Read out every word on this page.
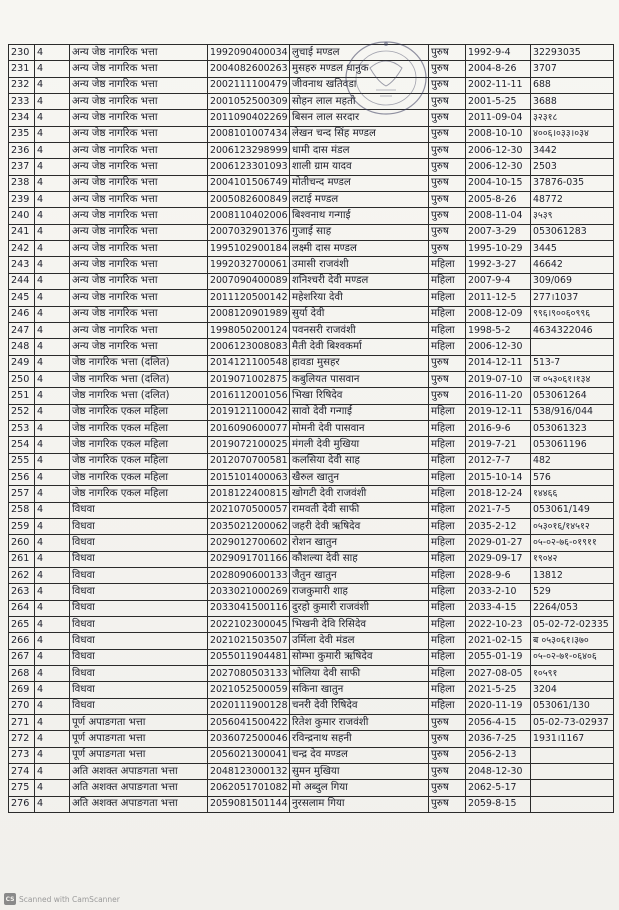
230	4	अन्य जेष्ठ नागरिक भत्ता	1992090400034	लुचाई मण्डल	पुरुष	1992-9-4	32293035
231	4	अन्य जेष्ठ नागरिक भत्ता	2004082600263	मुसहरु मण्डल धानुक	पुरुष	2004-8-26	3707
232	4	अन्य जेष्ठ नागरिक भत्ता	2002111100479	जीवनाथ खतिवडा	पुरुष	2002-11-11	688
233	4	अन्य जेष्ठ नागरिक भत्ता	2001052500309	सोहन लाल महतो	पुरुष	2001-5-25	3688
234	4	अन्य जेष्ठ नागरिक भत्ता	2011090402269	बिसन लाल सरदार	पुरुष	2011-09-04	३२३१८
235	4	अन्य जेष्ठ नागरिक भत्ता	2008101007434	लेखन चन्द सिंह मण्डल	पुरुष	2008-10-10	४००६।०३३।०३४
236	4	अन्य जेष्ठ नागरिक भत्ता	2006123298999	धामी दास मंडल	पुरुष	2006-12-30	3442
237	4	अन्य जेष्ठ नागरिक भत्ता	2006123301093	शाली ग्राम यादव	पुरुष	2006-12-30	2503
238	4	अन्य जेष्ठ नागरिक भत्ता	2004101506749	मोतीचन्द मण्डल	पुरुष	2004-10-15	37876-035
239	4	अन्य जेष्ठ नागरिक भत्ता	2005082600849	लटाई मण्डल	पुरुष	2005-8-26	48772
240	4	अन्य जेष्ठ नागरिक भत्ता	2008110402006	बिश्वनाथ गन्गाई	पुरुष	2008-11-04	३५३९
241	4	अन्य जेष्ठ नागरिक भत्ता	2007032901376	गुजाई साह	पुरुष	2007-3-29	053061283
242	4	अन्य जेष्ठ नागरिक भत्ता	1995102900184	लक्ष्मी दास मण्डल	पुरुष	1995-10-29	3445
243	4	अन्य जेष्ठ नागरिक भत्ता	1992032700061	उमासी राजवंशी	महिला	1992-3-27	46642
244	4	अन्य जेष्ठ नागरिक भत्ता	2007090400089	शनिश्चरी देवी मण्डल	महिला	2007-9-4	309/069
245	4	अन्य जेष्ठ नागरिक भत्ता	2011120500142	महेशरिया देवी	महिला	2011-12-5	277।1037
246	4	अन्य जेष्ठ नागरिक भत्ता	2008120901989	सुर्या देवी	महिला	2008-12-09	९९६।९००६०९९६
247	4	अन्य जेष्ठ नागरिक भत्ता	1998050200124	पवनसरी राजवंशी	महिला	1998-5-2	4634322046
248	4	अन्य जेष्ठ नागरिक भत्ता	2006123008083	मैती देवी बिश्वकर्मा	महिला	2006-12-30	
249	4	जेष्ठ नागरिक भत्ता (दलित)	2014121100548	हावडा मुसहर	पुरुष	2014-12-11	513-7
250	4	जेष्ठ नागरिक भत्ता (दलित)	2019071002875	कबुलियत पासवान	पुरुष	2019-07-10	ज ०५३०६१।१३४
251	4	जेष्ठ नागरिक भत्ता (दलित)	2016112001056	भिखा रिषिदेव	पुरुष	2016-11-20	053061264
252	4	जेष्ठ नागरिक एकल महिला	2019121100042	सावो देवी गन्गाई	महिला	2019-12-11	538/916/044
253	4	जेष्ठ नागरिक एकल महिला	2016090600077	मोमनी देवी पासवान	महिला	2016-9-6	053061323
254	4	जेष्ठ नागरिक एकल महिला	2019072100025	मंगली देवी मुखिया	महिला	2019-7-21	053061196
255	4	जेष्ठ नागरिक एकल महिला	2012070700581	कलसिया देवी साह	महिला	2012-7-7	482
256	4	जेष्ठ नागरिक एकल महिला	2015101400063	खैरुल खातुन	महिला	2015-10-14	576
257	4	जेष्ठ नागरिक एकल महिला	2018122400815	खोगटी देवी राजवंशी	महिला	2018-12-24	१४४६६
258	4	विधवा	2021070500057	रामवती देवी साफी	महिला	2021-7-5	053061/149
259	4	विधवा	2035021200062	जहरी देवी ऋषिदेव	महिला	2035-2-12	०५३०१६/१४५१२
260	4	विधवा	2029012700602	रोशन खातुन	महिला	2029-01-27	०५-०२-७६-०१९११
261	4	विधवा	2029091701166	कौशल्या देवी साह	महिला	2029-09-17	१९०४२
262	4	विधवा	2028090600133	जैतुन खातुन	महिला	2028-9-6	13812
263	4	विधवा	2033021000269	राजकुमारी शाह	महिला	2033-2-10	529
264	4	विधवा	2033041500116	दुरहो कुमारी राजवंशी	महिला	2033-4-15	2264/053
265	4	विधवा	2022102300045	भिखनी देवि रिसिदेव	महिला	2022-10-23	05-02-72-02335
266	4	विधवा	2021021503507	उर्मिला देवी मंडल	महिला	2021-02-15	ब ०५३०६१।३७०
267	4	विधवा	2055011904481	सोम्भा कुमारी ऋषिदेव	महिला	2055-01-19	०५-०२-७१-०६४०६
268	4	विधवा	2027080503133	भोलिया देवी साफी	महिला	2027-08-05	१०५९१
269	4	विधवा	2021052500059	सकिना खातुन	महिला	2021-5-25	3204
270	4	विधवा	2020111900128	चनरी देवी रिषिदेव	महिला	2020-11-19	053061/130
271	4	पूर्ण अपाङगता भत्ता	2056041500422	रितेश कुमार राजवंशी	पुरुष	2056-4-15	05-02-73-02937
272	4	पूर्ण अपाङगता भत्ता	2036072500046	रविन्द्रनाथ सहनी	पुरुष	2036-7-25	1931।1167
273	4	पूर्ण अपाङगता भत्ता	2056021300041	चन्द्र देव मण्डल	पुरुष	2056-2-13	
274	4	अति अशक्त अपाङगता भत्ता	2048123000132	सुमन मुखिया	पुरुष	2048-12-30	
275	4	अति अशक्त अपाङगता भत्ता	2062051701082	मो अब्दुल गिया	पुरुष	2062-5-17	
276	4	अति अशक्त अपाङगता भत्ता	2059081501144	नुरसलाम गिया	पुरुष	2059-8-15	
CS Scanned with CamScanner
